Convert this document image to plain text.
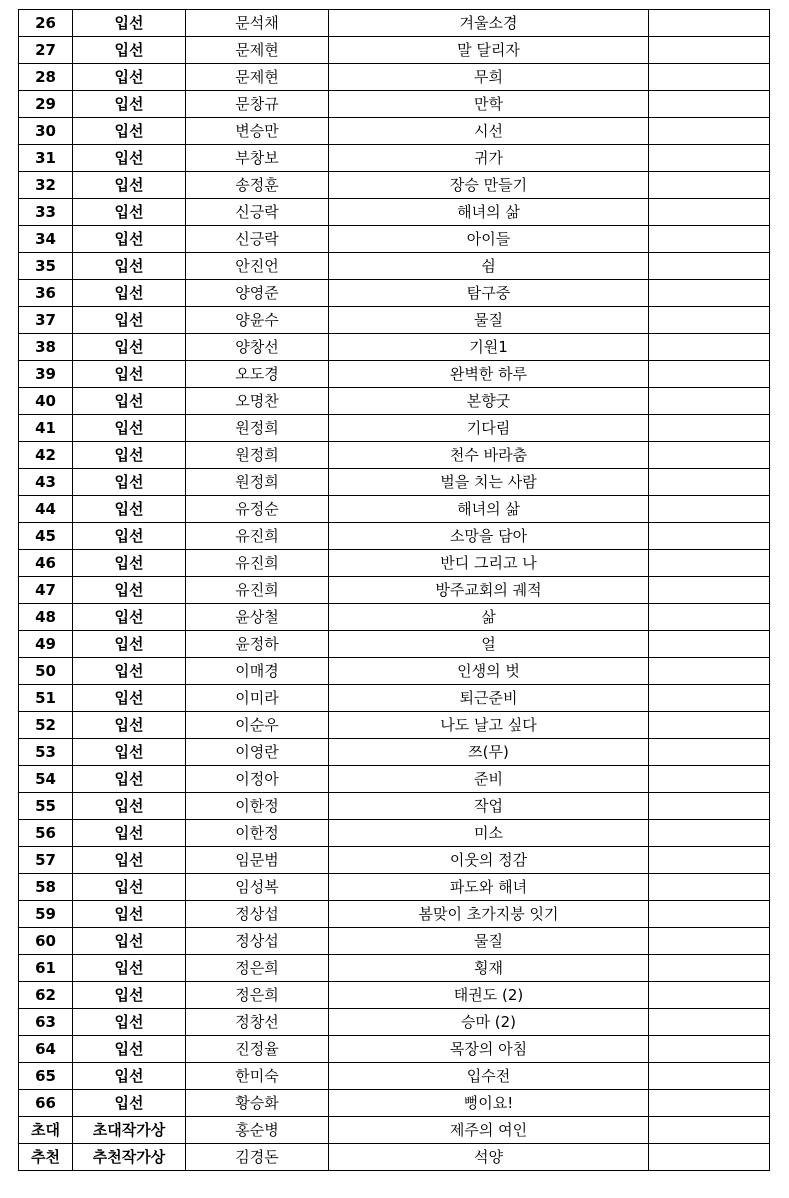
26	입선	문석채	겨울소경	
27	입선	문제현	말 달리자	
28	입선	문제현	무희	
29	입선	문창규	만학	
30	입선	변승만	시선	
31	입선	부창보	귀가	
32	입선	송정훈	장승 만들기	
33	입선	신긍락	해녀의 삶	
34	입선	신긍락	아이들	
35	입선	안진언	쉼	
36	입선	양영준	탐구중	
37	입선	양윤수	물질	
38	입선	양창선	기원1	
39	입선	오도경	완벽한 하루	
40	입선	오명찬	본향굿	
41	입선	원정희	기다림	
42	입선	원정희	천수 바라춤	
43	입선	원정희	벌을 치는 사람	
44	입선	유정순	해녀의 삶	
45	입선	유진희	소망을 담아	
46	입선	유진희	반디 그리고 나	
47	입선	유진희	방주교회의 궤적	
48	입선	윤상철	삶	
49	입선	윤정하	얼	
50	입선	이매경	인생의 벗	
51	입선	이미라	퇴근준비	
52	입선	이순우	나도 날고 싶다	
53	입선	이영란	쯔(무)	
54	입선	이정아	준비	
55	입선	이한정	작업	
56	입선	이한정	미소	
57	입선	임문범	이웃의 정감	
58	입선	임성복	파도와 해녀	
59	입선	정상섭	봄맞이 초가지붕 잇기	
60	입선	정상섭	물질	
61	입선	정은희	횡재	
62	입선	정은희	태권도 (2)	
63	입선	정창선	승마 (2)	
64	입선	진정율	목장의 아침	
65	입선	한미숙	입수전	
66	입선	황승화	뻥이요!	
초대	초대작가상	홍순병	제주의 여인	
추천	추천작가상	김경돈	석양	
